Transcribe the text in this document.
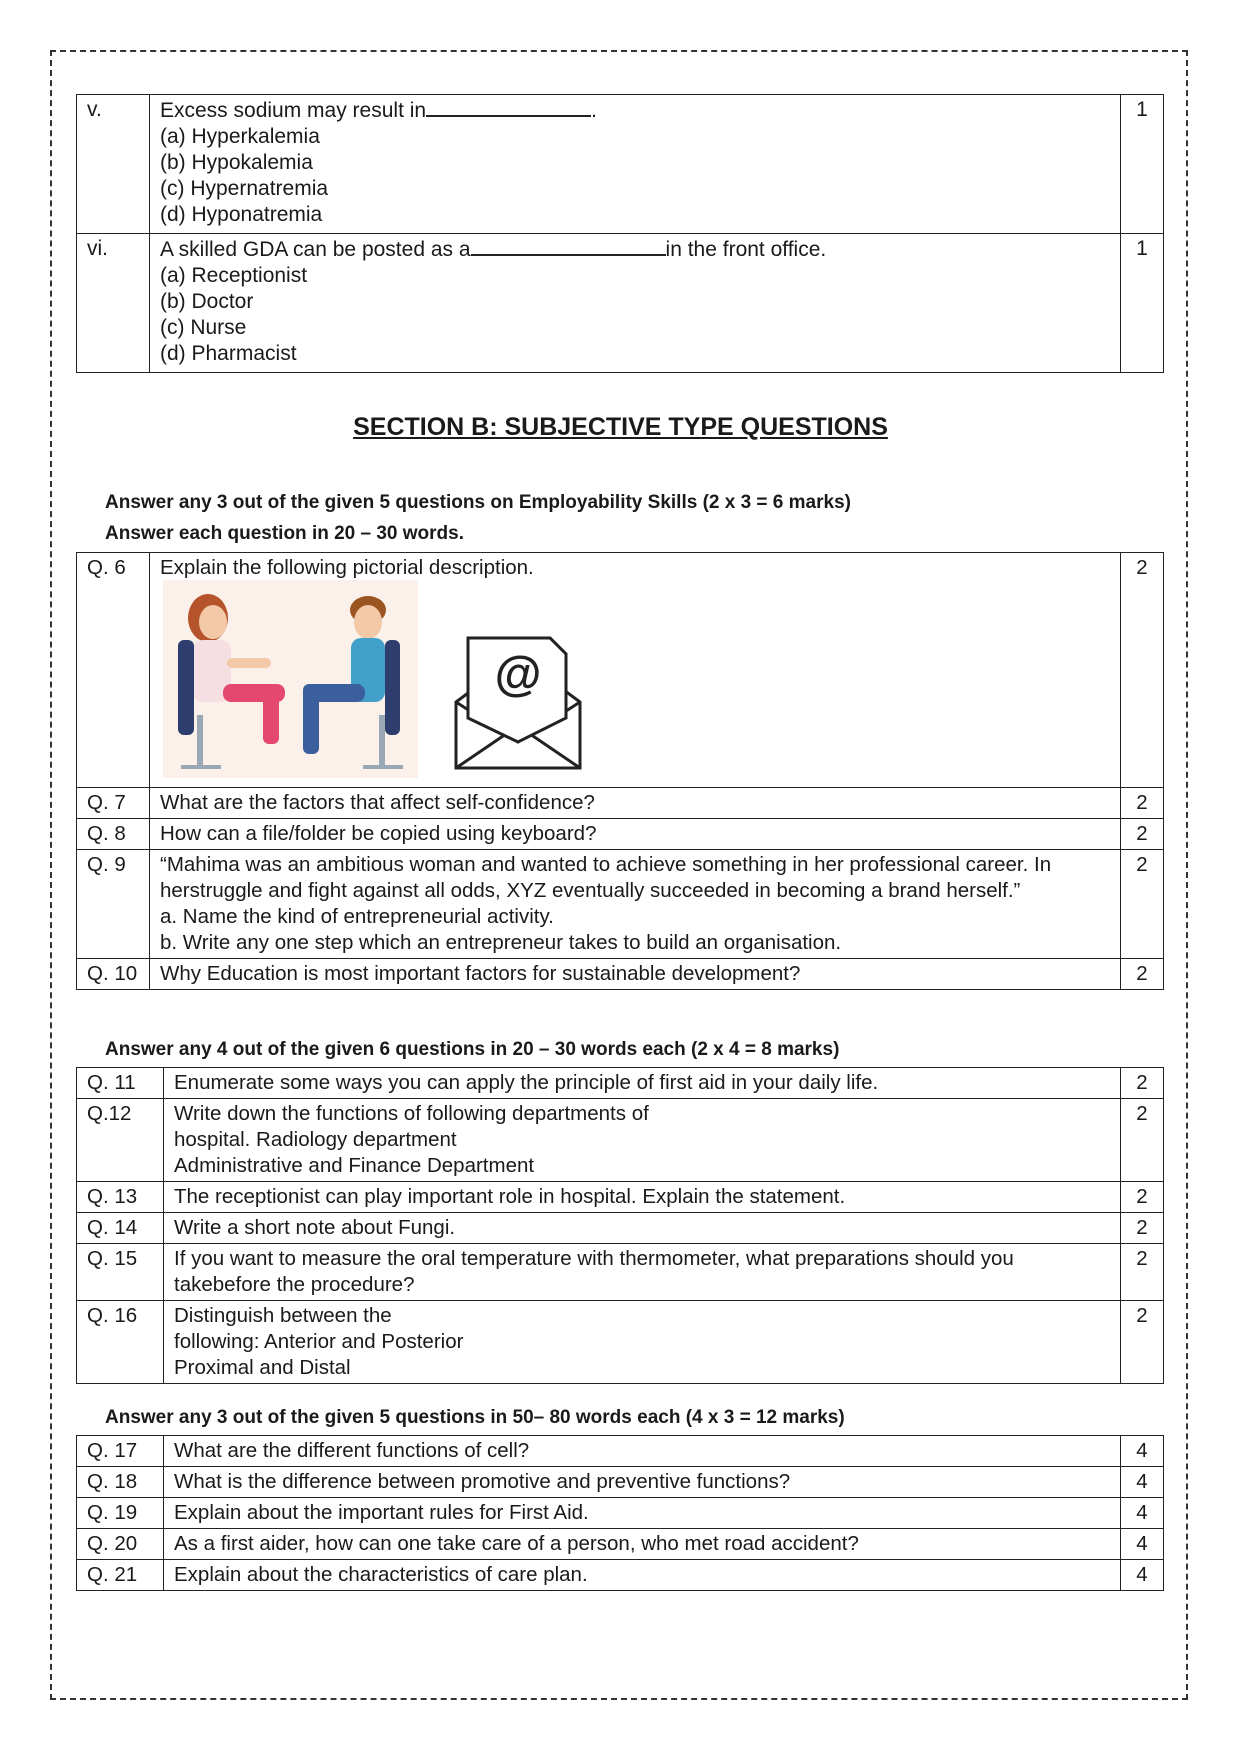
v.	Excess sodium may result in .
(a) Hyperkalemia
(b) Hypokalemia
(c) Hypernatremia
(d) Hyponatremia	1
vi.	A skilled GDA can be posted as a in the front office.
(a) Receptionist
(b) Doctor
(c) Nurse
(d) Pharmacist	1
SECTION B: SUBJECTIVE TYPE QUESTIONS
Answer any 3 out of the given 5 questions on Employability Skills (2 x 3 = 6 marks)
Answer each question in 20 – 30 words.
Q. 6	Explain the following pictorial description.	2
Q. 7	What are the factors that affect self-confidence?	2
Q. 8	How can a file/folder be copied using keyboard?	2
Q. 9	“Mahima was an ambitious woman and wanted to achieve something in her professional career. In herstruggle and fight against all odds, XYZ eventually succeeded in becoming a brand herself.”
a. Name the kind of entrepreneurial activity.
b. Write any one step which an entrepreneur takes to build an organisation.	2
Q. 10	Why Education is most important factors for sustainable development?	2
@
Answer any 4 out of the given 6 questions in 20 – 30 words each (2 x 4 = 8 marks)
Q. 11	Enumerate some ways you can apply the principle of first aid in your daily life.	2
Q.12	Write down the functions of following departments of
hospital. Radiology department
Administrative and Finance Department	2
Q. 13	The receptionist can play important role in hospital. Explain the statement.	2
Q. 14	Write a short note about Fungi.	2
Q. 15	If you want to measure the oral temperature with thermometer, what preparations should you
takebefore the procedure?	2
Q. 16	Distinguish between the
following: Anterior and Posterior
Proximal and Distal	2
Answer any 3 out of the given 5 questions in 50– 80 words each (4 x 3 = 12 marks)
Q. 17	What are the different functions of cell?	4
Q. 18	What is the difference between promotive and preventive functions?	4
Q. 19	Explain about the important rules for First Aid.	4
Q. 20	As a first aider, how can one take care of a person, who met road accident?	4
Q. 21	Explain about the characteristics of care plan.	4
